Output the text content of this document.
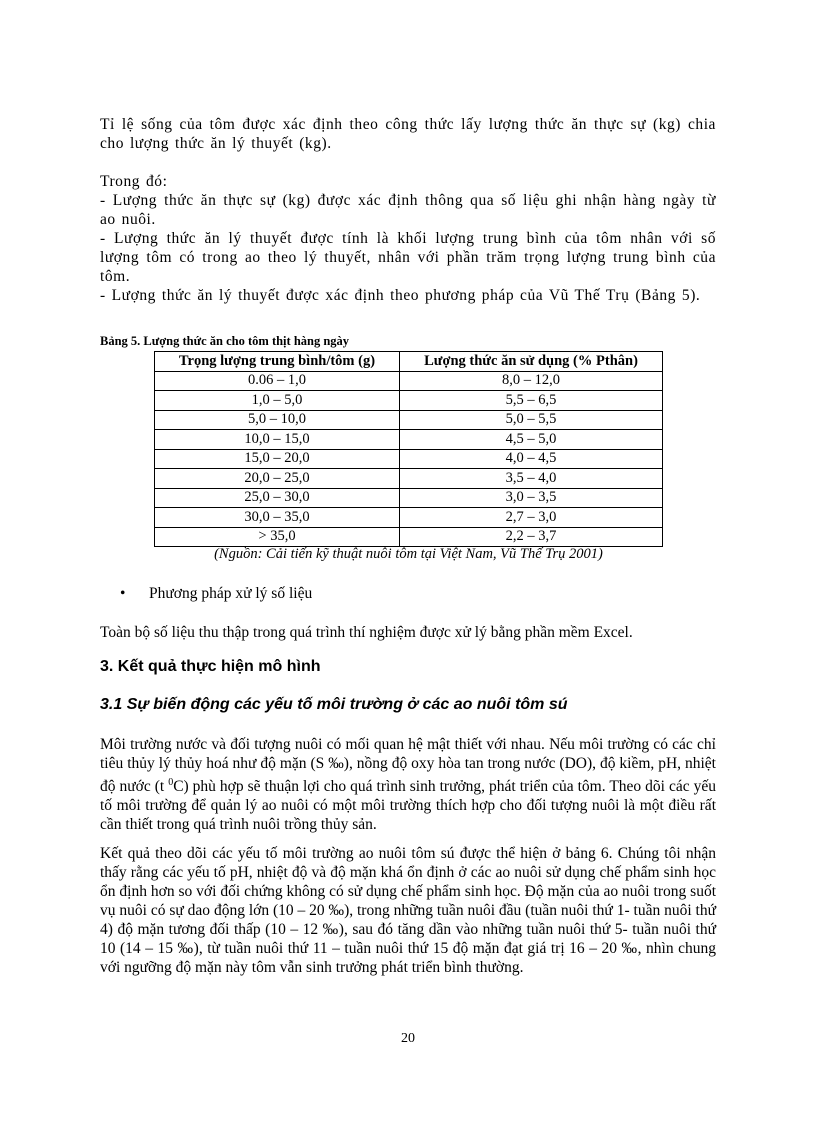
Tỉ lệ sống của tôm được xác định theo công thức lấy lượng thức ăn thực sự (kg) chia cho lượng thức ăn lý thuyết (kg).

Trong đó:
- Lượng thức ăn thực sự (kg) được xác định thông qua số liệu ghi nhận hàng ngày từ ao nuôi.
- Lượng thức ăn lý thuyết được tính là khối lượng trung bình của tôm nhân với số lượng tôm có trong ao theo lý thuyết, nhân với phần trăm trọng lượng trung bình của tôm.
- Lượng thức ăn lý thuyết được xác định theo phương pháp của Vũ Thế Trụ (Bảng 5).
Bảng 5. Lượng thức ăn cho tôm thịt hàng ngày
Trọng lượng trung bình/tôm (g)	Lượng thức ăn sử dụng (% Pthân)
0.06 – 1,0	8,0 – 12,0
1,0 – 5,0	5,5 – 6,5
5,0 – 10,0	5,0 – 5,5
10,0 – 15,0	4,5 – 5,0
15,0 – 20,0	4,0 – 4,5
20,0 – 25,0	3,5 – 4,0
25,0 – 30,0	3,0 – 3,5
30,0 – 35,0	2,7 – 3,0
> 35,0	2,2 – 3,7
(Nguồn: Cải tiến kỹ thuật nuôi tôm tại Việt Nam, Vũ Thế Trụ 2001)
• Phương pháp xử lý số liệu

Toàn bộ số liệu thu thập trong quá trình thí nghiệm được xử lý bằng phần mềm Excel.

3. Kết quả thực hiện mô hình
3.1 Sự biến động các yếu tố môi trường ở các ao nuôi tôm sú

Môi trường nước và đối tượng nuôi có mối quan hệ mật thiết với nhau. Nếu môi trường có các chỉ tiêu thủy lý thủy hoá như độ mặn (S ‰), nồng độ oxy hòa tan trong nước (DO), độ kiềm, pH, nhiệt độ nước (t $^0$C) phù hợp sẽ thuận lợi cho quá trình sinh trưởng, phát triển của tôm. Theo dõi các yếu tố môi trường để quản lý ao nuôi có một môi trường thích hợp cho đối tượng nuôi là một điều rất cần thiết trong quá trình nuôi trồng thủy sản.

Kết quả theo dõi các yếu tố môi trường ao nuôi tôm sú được thể hiện ở bảng 6. Chúng tôi nhận thấy rằng các yếu tố pH, nhiệt độ và độ mặn khá ổn định ở các ao nuôi sử dụng chế phẩm sinh học ổn định hơn so với đối chứng không có sử dụng chế phẩm sinh học. Độ mặn của ao nuôi trong suốt vụ nuôi có sự dao động lớn (10 – 20 ‰), trong những tuần nuôi đầu (tuần nuôi thứ 1- tuần nuôi thứ 4) độ mặn tương đối thấp (10 – 12 ‰), sau đó tăng dần vào những tuần nuôi thứ 5- tuần nuôi thứ 10 (14 – 15 ‰), từ tuần nuôi thứ 11 – tuần nuôi thứ 15 độ mặn đạt giá trị 16 – 20 ‰, nhìn chung với ngưỡng độ mặn này tôm vẫn sinh trưởng phát triển bình thường.

20
